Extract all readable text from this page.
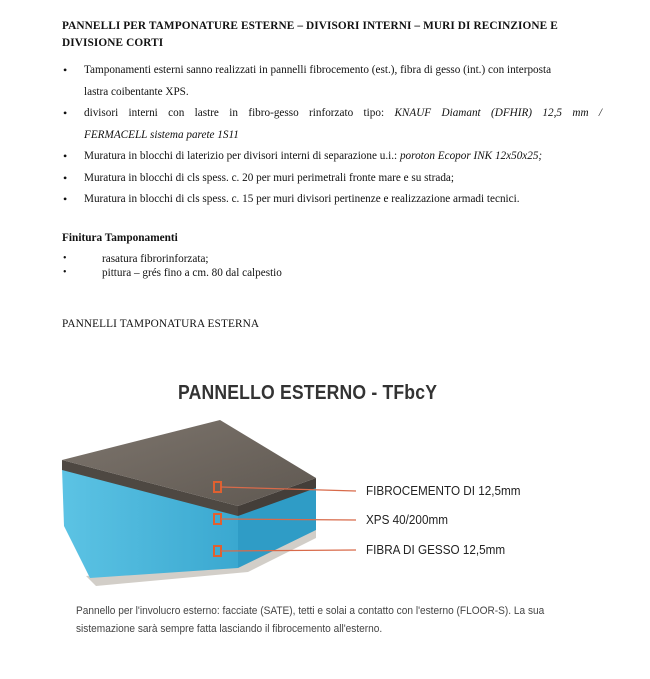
PANNELLI PER TAMPONATURE ESTERNE – DIVISORI INTERNI – MURI DI RECINZIONE E
DIVISIONE CORTI
• Tamponamenti esterni sanno realizzati in pannelli fibrocemento (est.), fibra di gesso (int.) con interposta
lastra coibentante XPS.
• divisori interni con lastre in fibro-gesso rinforzato tipo: KNAUF Diamant (DFHIR) 12,5 mm /
FERMACELL sistema parete 1S11
• Muratura in blocchi di laterizio per divisori interni di separazione u.i.: poroton Ecopor INK 12x50x25;
• Muratura in blocchi di cls spess. c. 20 per muri perimetrali fronte mare e su strada;
• Muratura in blocchi di cls spess. c. 15 per muri divisori pertinenze e realizzazione armadi tecnici.
Finitura Tamponamenti
• rasatura fibrorinforzata;
• pittura – grés fino a cm. 80 dal calpestio
PANNELLI TAMPONATURA ESTERNA
PANNELLO ESTERNO - TFbcY
FIBROCEMENTO DI 12,5mm
XPS 40/200mm
FIBRA DI GESSO 12,5mm
Pannello per l'involucro esterno: facciate (SATE), tetti e solai a contatto con l'esterno (FLOOR-S). La sua
sistemazione sarà sempre fatta lasciando il fibrocemento all'esterno.
